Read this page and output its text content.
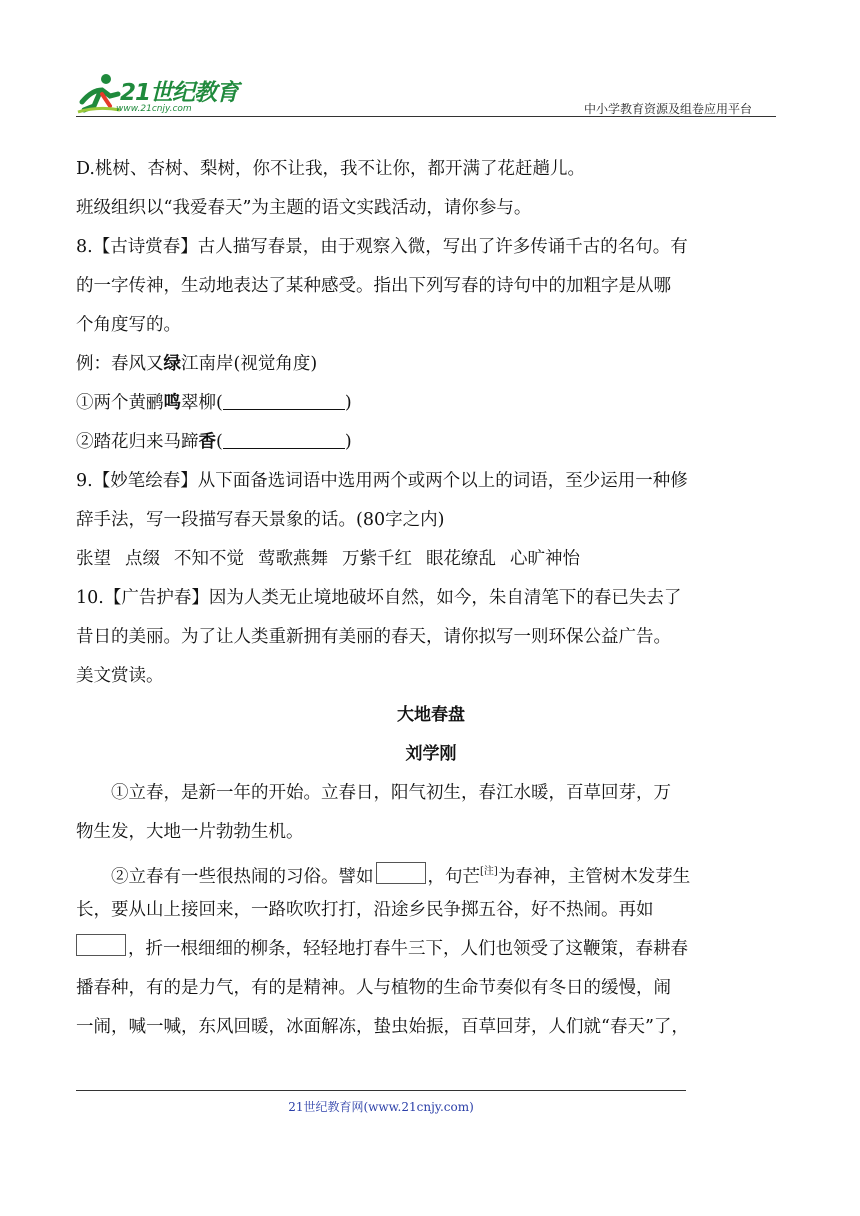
21世纪教育
www.21cnjy.com	中小学教育资源及组卷应用平台
D.桃树、杏树、梨树，你不让我，我不让你，都开满了花赶趟儿。
班级组织以“我爱春天”为主题的语文实践活动，请你参与。
8.【古诗赏春】古人描写春景，由于观察入微，写出了许多传诵千古的名句。有
的一字传神，生动地表达了某种感受。指出下列写春的诗句中的加粗字是从哪
个角度写的。
例：春风又绿江南岸(视觉角度)
①两个黄鹂鸣翠柳(	)
②踏花归来马蹄香(	)
9.【妙笔绘春】从下面备选词语中选用两个或两个以上的词语，至少运用一种修
辞手法，写一段描写春天景象的话。(80字之内)
张望 点缀 不知不觉 莺歌燕舞 万紫千红 眼花缭乱 心旷神怡
10.【广告护春】因为人类无止境地破坏自然，如今，朱自清笔下的春已失去了
昔日的美丽。为了让人类重新拥有美丽的春天，请你拟写一则环保公益广告。
美文赏读。
大地春盘
刘学刚
①立春，是新一年的开始。立春日，阳气初生，春江水暖，百草回芽，万
物生发，大地一片勃勃生机。
②立春有一些很热闹的习俗。譬如	，句芒[注]为春神，主管树木发芽生
长，要从山上接回来，一路吹吹打打，沿途乡民争掷五谷，好不热闹。再如
，折一根细细的柳条，轻轻地打春牛三下，人们也领受了这鞭策，春耕春
播春种，有的是力气，有的是精神。人与植物的生命节奏似有冬日的缓慢，闹
一闹，喊一喊，东风回暖，冰面解冻，蛰虫始振，百草回芽，人们就“春天”了，
21世纪教育网(www.21cnjy.com)
